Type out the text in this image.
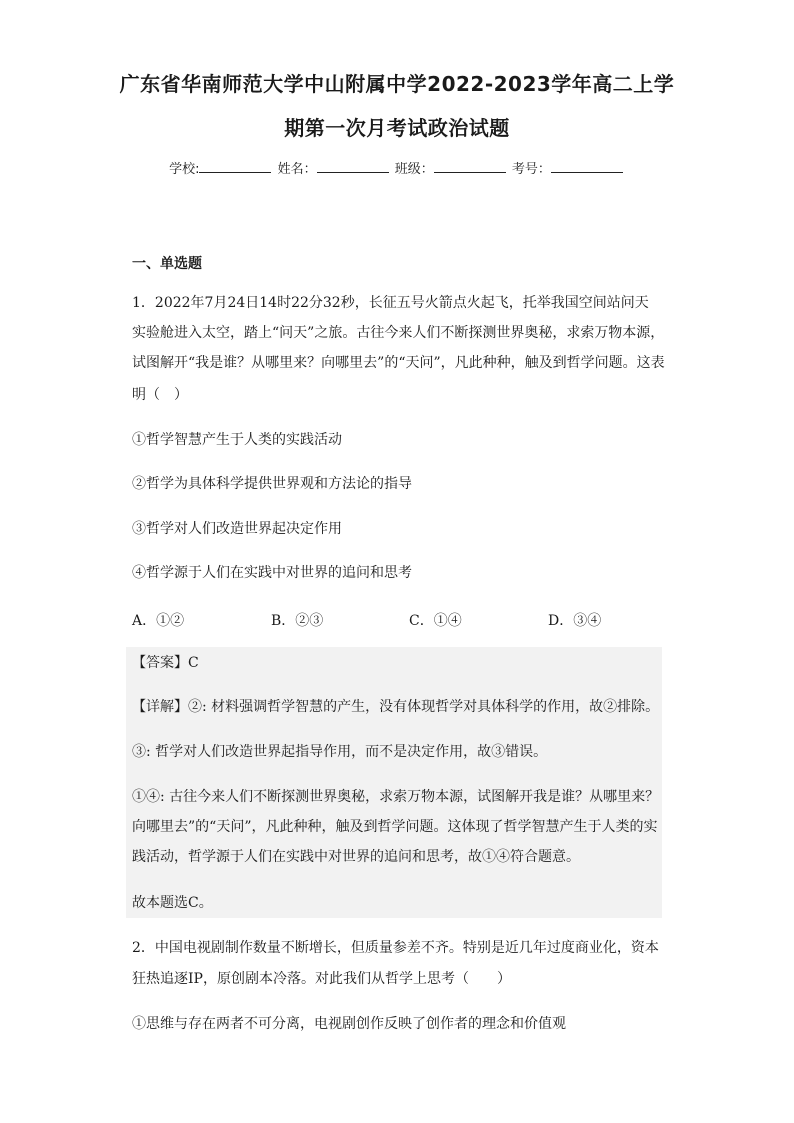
广东省华南师范大学中山附属中学2022-2023学年高二上学
期第一次月考试政治试题
学校:	姓名：	班级：	考号：
一、单选题
1．2022年7月24日14时22分32秒，长征五号火箭点火起飞，托举我国空间站问天
实验舱进入太空，踏上“问天”之旅。古往今来人们不断探测世界奥秘，求索万物本源，
试图解开“我是谁？从哪里来？向哪里去”的“天问”，凡此种种，触及到哲学问题。这表
明（　）
①哲学智慧产生于人类的实践活动
②哲学为具体科学提供世界观和方法论的指导
③哲学对人们改造世界起决定作用
④哲学源于人们在实践中对世界的追问和思考
A．①②	B．②③	C．①④	D．③④
【答案】C
【详解】②: 材料强调哲学智慧的产生，没有体现哲学对具体科学的作用，故②排除。
③: 哲学对人们改造世界起指导作用，而不是决定作用，故③错误。
①④: 古往今来人们不断探测世界奥秘，求索万物本源，试图解开我是谁？从哪里来？
向哪里去”的“天问”，凡此种种，触及到哲学问题。这体现了哲学智慧产生于人类的实
践活动，哲学源于人们在实践中对世界的追问和思考，故①④符合题意。
故本题选C。
2．中国电视剧制作数量不断增长，但质量参差不齐。特别是近几年过度商业化，资本
狂热追逐IP，原创剧本冷落。对此我们从哲学上思考（　　）
①思维与存在两者不可分离，电视剧创作反映了创作者的理念和价值观
